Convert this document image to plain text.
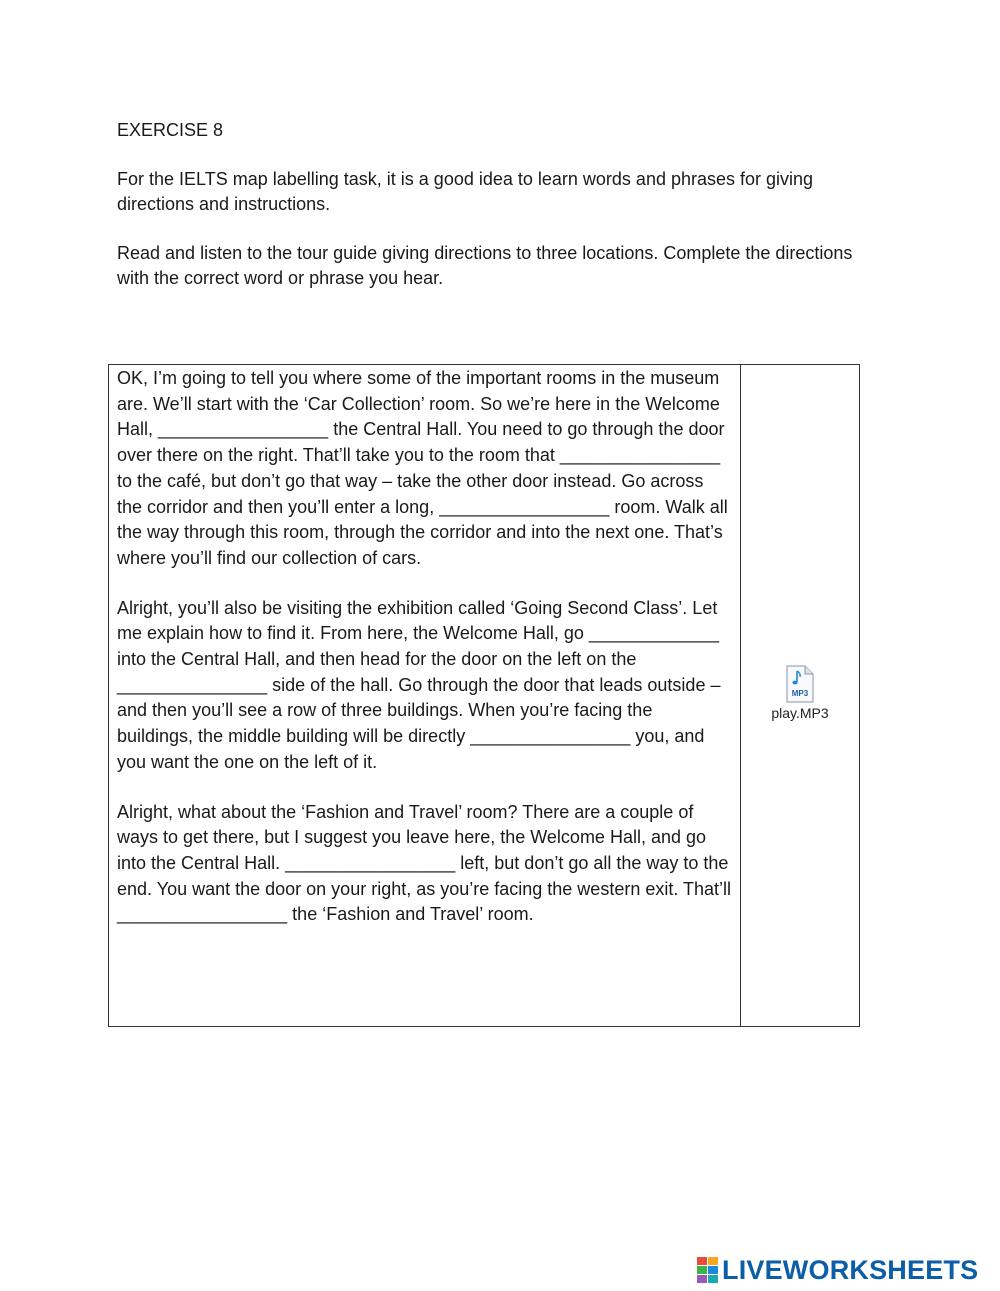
EXERCISE 8

For the IELTS map labelling task, it is a good idea to learn words and phrases for giving directions and instructions.

Read and listen to the tour guide giving directions to three locations. Complete the directions with the correct word or phrase you hear.

OK, I’m going to tell you where some of the important rooms in the museum are. We’ll start with the ‘Car Collection’ room. So we’re here in the Welcome Hall, _________________ the Central Hall. You need to go through the door over there on the right. That’ll take you to the room that ________________ to the café, but don’t go that way – take the other door instead. Go across the corridor and then you’ll enter a long, _________________ room. Walk all the way through this room, through the corridor and into the next one. That’s where you’ll find our collection of cars.

Alright, you’ll also be visiting the exhibition called ‘Going Second Class’. Let me explain how to find it. From here, the Welcome Hall, go _____________ into the Central Hall, and then head for the door on the left on the _______________ side of the hall. Go through the door that leads outside – and then you’ll see a row of three buildings. When you’re facing the buildings, the middle building will be directly ________________ you, and you want the one on the left of it.

Alright, what about the ‘Fashion and Travel’ room? There are a couple of ways to get there, but I suggest you leave here, the Welcome Hall, and go into the Central Hall. _________________ left, but don’t go all the way to the end. You want the door on your right, as you’re facing the western exit. That’ll _________________ the ‘Fashion and Travel’ room.

MP3
play.MP3
LIVEWORKSHEETS
